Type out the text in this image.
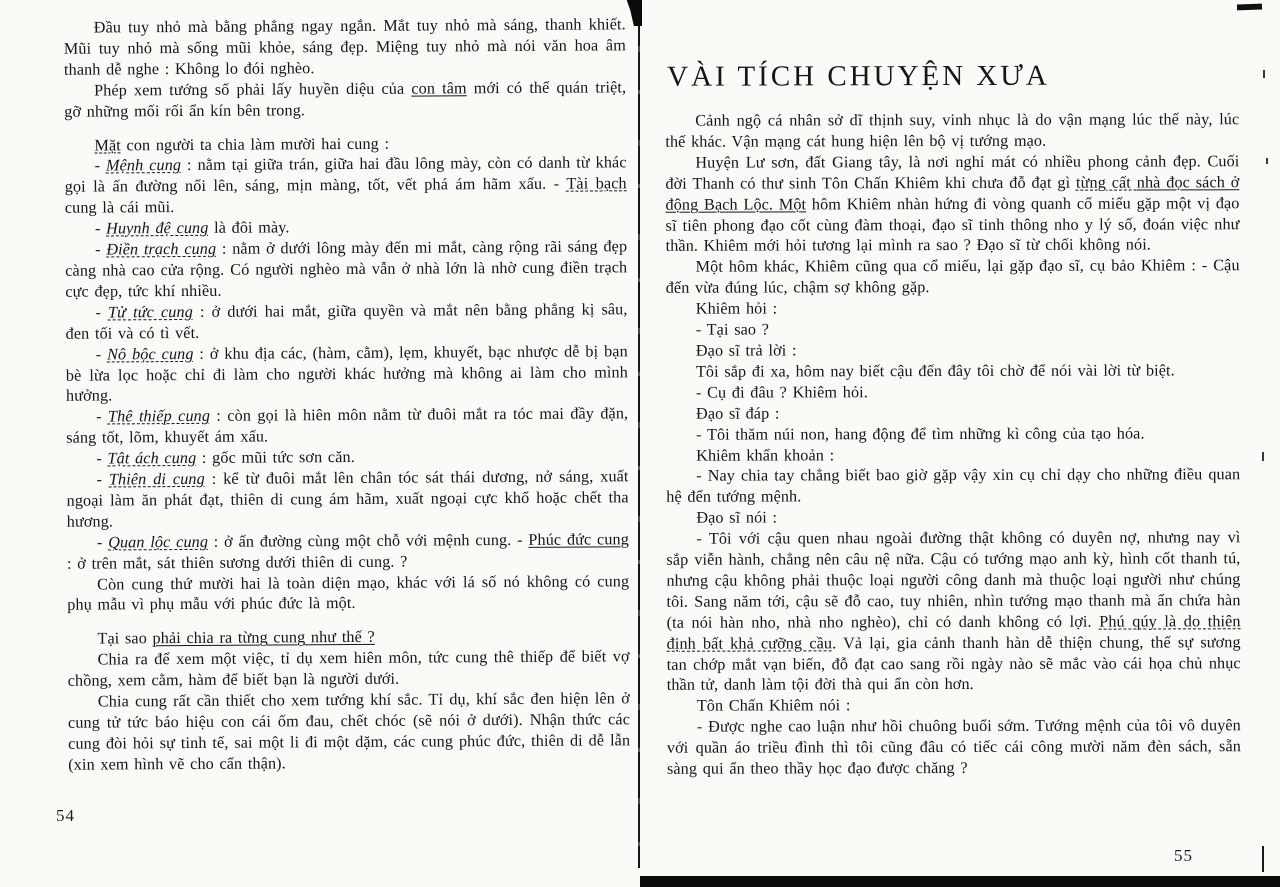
Đầu tuy nhỏ mà bằng phẳng ngay ngắn. Mắt tuy nhỏ mà sáng, thanh khiết. Mũi tuy nhỏ mà sống mũi khỏe, sáng đẹp. Miệng tuy nhỏ mà nói văn hoa âm thanh dễ nghe : Không lo đói nghèo.

Phép xem tướng số phải lấy huyền diệu của con tâm mới có thể quán triệt, gỡ những mối rối ẩn kín bên trong.

Mặt con người ta chia làm mười hai cung :

- Mệnh cung : nằm tại giữa trán, giữa hai đầu lông mày, còn có danh từ khác gọi là ấn đường nổi lên, sáng, mịn màng, tốt, vết phá ám hãm xấu. - Tài bạch cung là cái mũi.

- Huynh đệ cung là đôi mày.

- Điền trạch cung : nằm ở dưới lông mày đến mi mắt, càng rộng rãi sáng đẹp càng nhà cao cửa rộng. Có người nghèo mà vẫn ở nhà lớn là nhờ cung điền trạch cực đẹp, tức khí nhiều.

- Tử tức cung : ở dưới hai mắt, giữa quyền và mắt nên bằng phẳng kị sâu, đen tối và có tì vết.

- Nô bộc cung : ở khu địa các, (hàm, cằm), lẹm, khuyết, bạc nhược dễ bị bạn bè lừa lọc hoặc chỉ đi làm cho người khác hưởng mà không ai làm cho mình hưởng.

- Thê thiếp cung : còn gọi là hiên môn nằm từ đuôi mắt ra tóc mai đầy đặn, sáng tốt, lõm, khuyết ám xấu.

- Tật ách cung : gốc mũi tức sơn căn.

- Thiên di cung : kể từ đuôi mắt lên chân tóc sát thái dương, nở sáng, xuất ngoại làm ăn phát đạt, thiên di cung ám hãm, xuất ngoại cực khổ hoặc chết tha hương.

- Quan lộc cung : ở ấn đường cùng một chỗ với mệnh cung. - Phúc đức cung : ở trên mắt, sát thiên sương dưới thiên di cung. ?

Còn cung thứ mười hai là toàn diện mạo, khác với lá số nó không có cung phụ mẫu vì phụ mẫu với phúc đức là một.

Tại sao phải chia ra từng cung như thế ?

Chia ra để xem một việc, tỉ dụ xem hiên môn, tức cung thê thiếp để biết vợ chồng, xem cằm, hàm để biết bạn là người dưới.

Chia cung rất cần thiết cho xem tướng khí sắc. Tỉ dụ, khí sắc đen hiện lên ở cung tử tức báo hiệu con cái ốm đau, chết chóc (sẽ nói ở dưới). Nhận thức các cung đòi hỏi sự tinh tế, sai một li đi một dặm, các cung phúc đức, thiên di dễ lẫn (xin xem hình vẽ cho cẩn thận).

VÀI TÍCH CHUYỆN XƯA

Cảnh ngộ cá nhân sở dĩ thịnh suy, vinh nhục là do vận mạng lúc thế này, lúc thế khác. Vận mạng cát hung hiện lên bộ vị tướng mạo.

Huyện Lư sơn, đất Giang tây, là nơi nghỉ mát có nhiều phong cảnh đẹp. Cuối đời Thanh có thư sinh Tôn Chấn Khiêm khi chưa đỗ đạt gì từng cất nhà đọc sách ở động Bạch Lộc. Một hôm Khiêm nhàn hứng đi vòng quanh cổ miếu gặp một vị đạo sĩ tiên phong đạo cốt cùng đàm thoại, đạo sĩ tinh thông nho y lý số, đoán việc như thần. Khiêm mới hỏi tương lại mình ra sao ? Đạo sĩ từ chối không nói.

Một hôm khác, Khiêm cũng qua cổ miếu, lại gặp đạo sĩ, cụ bảo Khiêm : - Cậu đến vừa đúng lúc, chậm sợ không gặp.

Khiêm hỏi :

- Tại sao ?

Đạo sĩ trả lời :

Tôi sắp đi xa, hôm nay biết cậu đến đây tôi chờ để nói vài lời từ biệt.

- Cụ đi đâu ? Khiêm hỏi.

Đạo sĩ đáp :

- Tôi thăm núi non, hang động để tìm những kì công của tạo hóa.

Khiêm khẩn khoản :

- Nay chia tay chẳng biết bao giờ gặp vậy xin cụ chỉ dạy cho những điều quan hệ đến tướng mệnh.

Đạo sĩ nói :

- Tôi với cậu quen nhau ngoài đường thật không có duyên nợ, nhưng nay vì sắp viễn hành, chẳng nên câu nệ nữa. Cậu có tướng mạo anh kỳ, hình cốt thanh tú, nhưng cậu không phải thuộc loại người công danh mà thuộc loại người như chúng tôi. Sang năm tới, cậu sẽ đỗ cao, tuy nhiên, nhìn tướng mạo thanh mà ẩn chứa hàn (ta nói hàn nho, nhà nho nghèo), chỉ có danh không có lợi. Phú qúy là do thiên định bất khả cưỡng cầu. Vả lại, gia cảnh thanh hàn dễ thiện chung, thế sự sương tan chớp mắt vạn biến, đỗ đạt cao sang rồi ngày nào sẽ mắc vào cái họa chủ nhục thần tử, danh làm tội đời thà qui ẩn còn hơn.

Tôn Chấn Khiêm nói :

- Được nghe cao luận như hồi chuông buổi sớm. Tướng mệnh của tôi vô duyên với quần áo triều đình thì tôi cũng đâu có tiếc cái công mười năm đèn sách, sẵn sàng qui ẩn theo thầy học đạo được chăng ?

54
55
